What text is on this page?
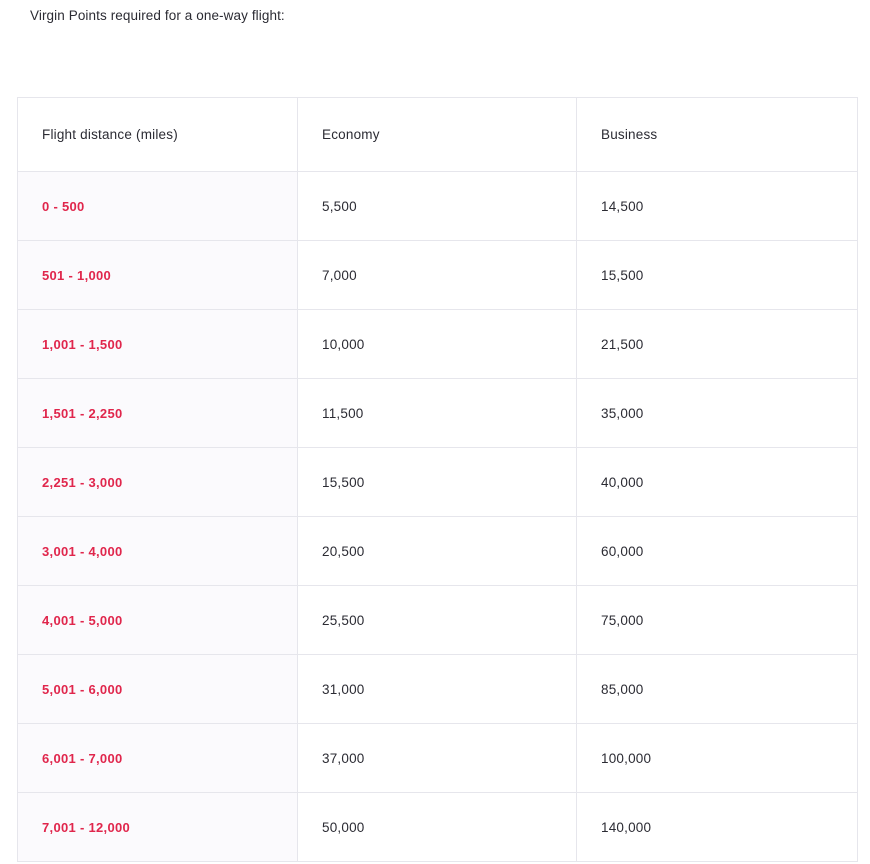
Virgin Points required for a one-way flight:
Flight distance (miles)	Economy	Business
0 - 500	5,500	14,500
501 - 1,000	7,000	15,500
1,001 - 1,500	10,000	21,500
1,501 - 2,250	11,500	35,000
2,251 - 3,000	15,500	40,000
3,001 - 4,000	20,500	60,000
4,001 - 5,000	25,500	75,000
5,001 - 6,000	31,000	85,000
6,001 - 7,000	37,000	100,000
7,001 - 12,000	50,000	140,000
